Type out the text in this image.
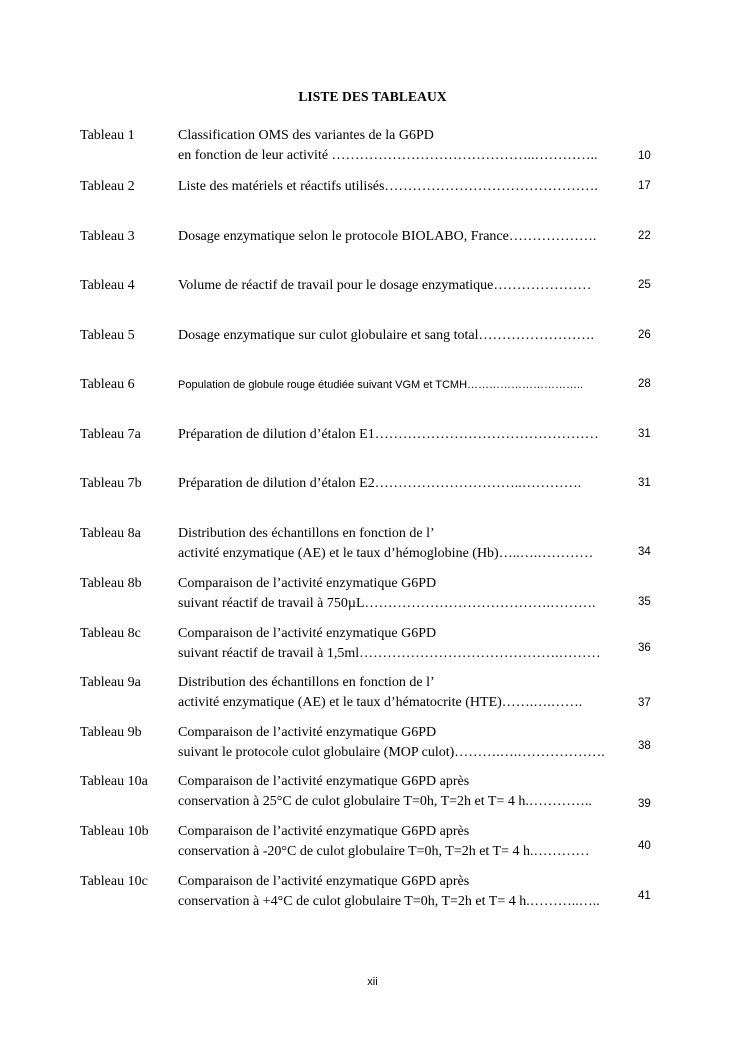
LISTE DES TABLEAUX
Tableau 1	Classification OMS des variantes de la G6PD
en fonction de leur activité ……………………………………..…………..	10
Tableau 2	Liste des matériels et réactifs utilisés……………………………………….	17
Tableau 3	Dosage enzymatique selon le protocole BIOLABO, France……………….	22
Tableau 4	Volume de réactif de travail pour le dosage enzymatique…………………	25
Tableau 5	Dosage enzymatique sur culot globulaire et sang total…………………….	26
Tableau 6	Population de globule rouge étudiée suivant VGM et TCMH…………………………..	28
Tableau 7a	Préparation de dilution d’étalon E1…………………………………………	31
Tableau 7b	Préparation de dilution d’étalon E2…………………………..………….	31
Tableau 8a	Distribution des échantillons en fonction de l’
activité enzymatique (AE) et le taux d’hémoglobine (Hb)…..….…………	34
Tableau 8b	Comparaison de l’activité enzymatique G6PD
suivant réactif de travail à 750µL………………………………….……….	35
Tableau 8c	Comparaison de l’activité enzymatique G6PD
suivant réactif de travail à 1,5ml…………………………………….………	36
Tableau 9a	Distribution des échantillons en fonction de l’
activité enzymatique (AE) et le taux d’hématocrite (HTE)…….….…….	37
Tableau 9b	Comparaison de l’activité enzymatique G6PD
suivant le protocole culot globulaire (MOP culot)……….….……………….	38
Tableau 10a Comparaison de l’activité enzymatique G6PD après
conservation à 25°C de culot globulaire T=0h, T=2h et T= 4 h.…………..	39
Tableau 10b Comparaison de l’activité enzymatique G6PD après
conservation à -20°C de culot globulaire T=0h, T=2h et T= 4 h.…………	40
Tableau 10c Comparaison de l’activité enzymatique G6PD après
conservation à +4°C de culot globulaire T=0h, T=2h et T= 4 h.………..…..	41
xii
